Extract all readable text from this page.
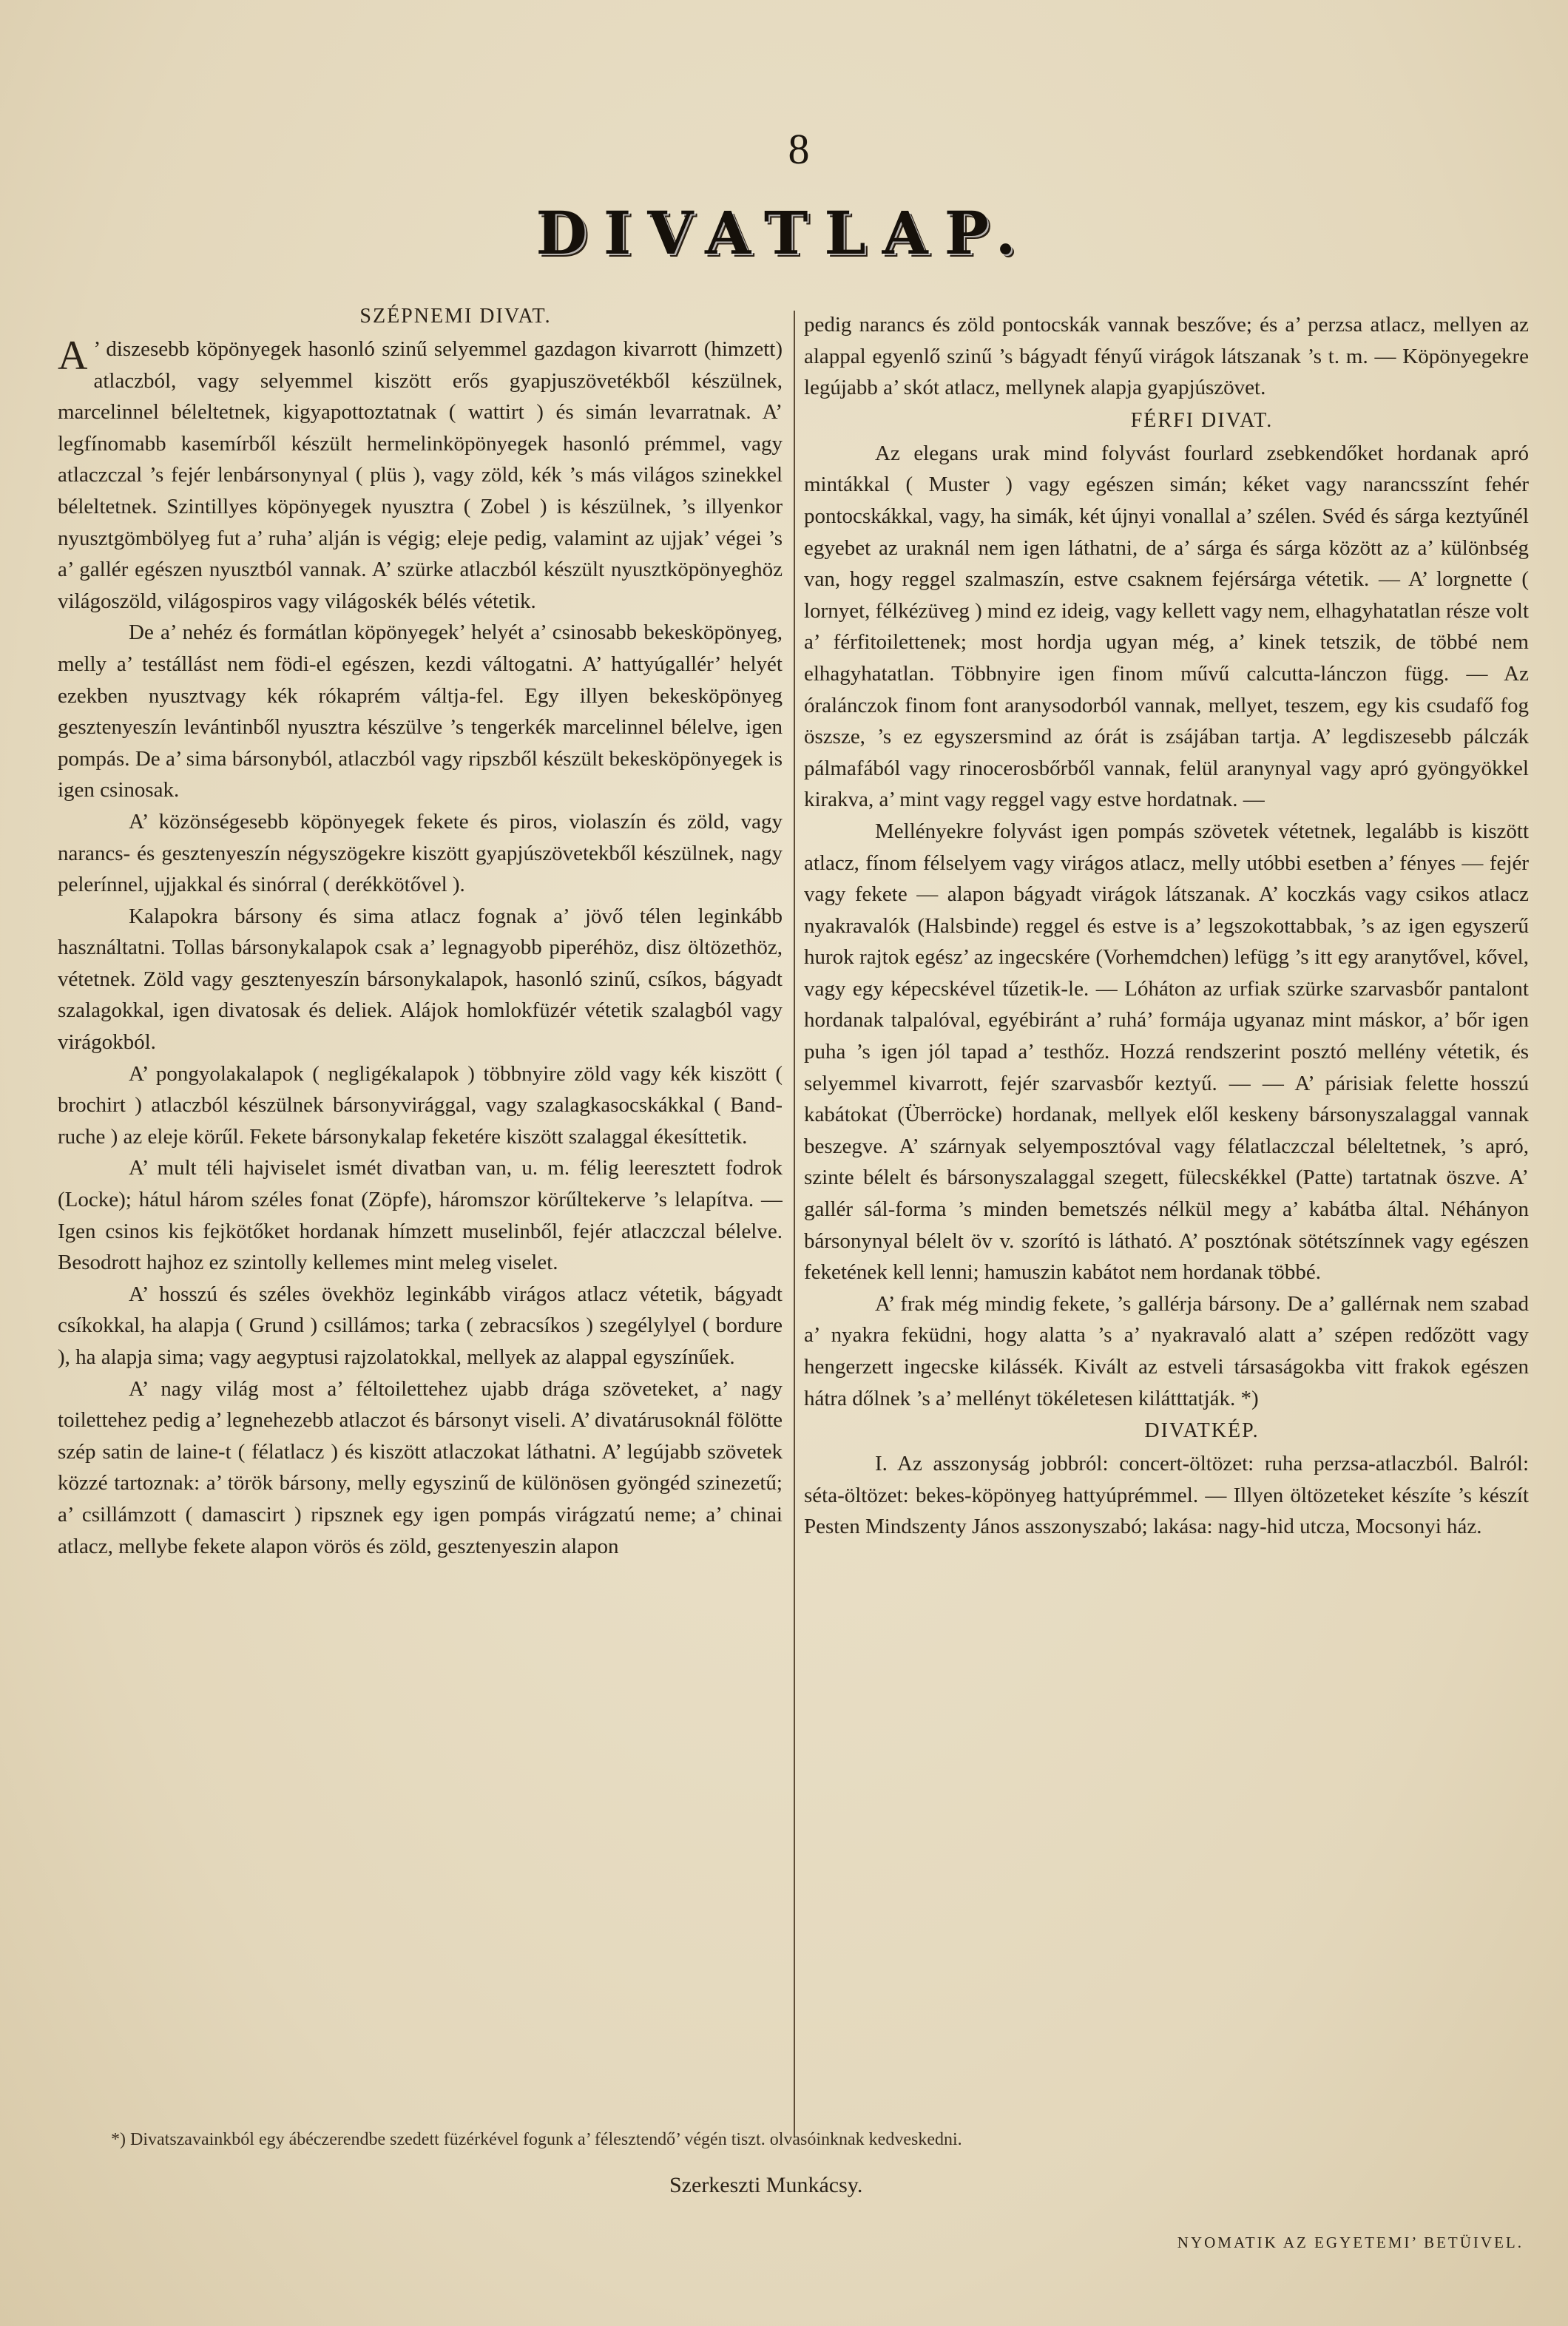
8
DIVATLAP.

SZÉPNEMI DIVAT.

A ’ diszesebb köpönyegek hasonló szinű selyemmel gazdagon kivarrott (himzett) atlaczból, vagy selyemmel kiszött erős gyapjuszövetékből készülnek, marcelinnel béleltetnek, kigyapottoztatnak ( wattirt ) és simán levarratnak. A’ legfínomabb kasemírből készült hermelinköpönyegek hasonló prémmel, vagy atlaczczal ’s fejér lenbársonynyal ( plüs ), vagy zöld, kék ’s más világos szinekkel béleltetnek. Szintillyes köpönyegek nyusztra ( Zobel ) is készülnek, ’s illyenkor nyusztgömbölyeg fut a’ ruha’ alján is végig; eleje pedig, valamint az ujjak’ végei ’s a’ gallér egészen nyusztból vannak. A’ szürke atlaczból készült nyusztköpönyeghöz világoszöld, világospiros vagy világoskék bélés vétetik.

De a’ nehéz és formátlan köpönyegek’ helyét a’ csinosabb bekesköpönyeg, melly a’ testállást nem födi-el egészen, kezdi váltogatni. A’ hattyúgallér’ helyét ezekben nyusztvagy kék rókaprém váltja-fel. Egy illyen bekesköpönyeg gesztenyeszín levántinből nyusztra készülve ’s tengerkék marcelinnel bélelve, igen pompás. De a’ sima bársonyból, atlaczból vagy ripszből készült bekesköpönyegek is igen csinosak.

A’ közönségesebb köpönyegek fekete és piros, violaszín és zöld, vagy narancs- és gesztenyeszín négyszögekre kiszött gyapjúszövetekből készülnek, nagy pelerínnel, ujjakkal és sinórral ( derékkötővel ).

Kalapokra bársony és sima atlacz fognak a’ jövő télen leginkább használtatni. Tollas bársonykalapok csak a’ legnagyobb piperéhöz, disz öltözethöz, vétetnek. Zöld vagy gesztenyeszín bársonykalapok, hasonló szinű, csíkos, bágyadt szalagokkal, igen divatosak és deliek. Alájok homlokfüzér vétetik szalagból vagy virágokból.

A’ pongyolakalapok ( negligékalapok ) többnyire zöld vagy kék kiszött ( brochirt ) atlaczból készülnek bársonyvirággal, vagy szalagkasocskákkal ( Band-ruche ) az eleje körűl. Fekete bársonykalap feketére kiszött szalaggal ékesíttetik.

A’ mult téli hajviselet ismét divatban van, u. m. félig leeresztett fodrok (Locke); hátul három széles fonat (Zöpfe), háromszor körűltekerve ’s lelapítva. — Igen csinos kis fejkötőket hordanak hímzett muselinből, fejér atlaczczal bélelve. Besodrott hajhoz ez szintolly kellemes mint meleg viselet.

A’ hosszú és széles övekhöz leginkább virágos atlacz vétetik, bágyadt csíkokkal, ha alapja ( Grund ) csillámos; tarka ( zebracsíkos ) szegélylyel ( bordure ), ha alapja sima; vagy aegyptusi rajzolatokkal, mellyek az alappal egyszínűek.

A’ nagy világ most a’ féltoilettehez ujabb drága szöveteket, a’ nagy toilettehez pedig a’ legnehezebb atlaczot és bársonyt viseli. A’ divatárusoknál fölötte szép satin de laine-t ( félatlacz ) és kiszött atlaczokat láthatni. A’ legújabb szövetek közzé tartoznak: a’ török bársony, melly egyszinű de különösen gyöngéd szinezetű; a’ csillámzott ( damascirt ) ripsznek egy igen pompás virágzatú neme; a’ chinai atlacz, mellybe fekete alapon vörös és zöld, gesztenyeszin alapon

pedig narancs és zöld pontocskák vannak beszőve; és a’ perzsa atlacz, mellyen az alappal egyenlő szinű ’s bágyadt fényű virágok látszanak ’s t. m. — Köpönyegekre legújabb a’ skót atlacz, mellynek alapja gyapjúszövet.

FÉRFI DIVAT.

Az elegans urak mind folyvást fourlard zsebkendőket hordanak apró mintákkal ( Muster ) vagy egészen simán; kéket vagy narancsszínt fehér pontocskákkal, vagy, ha simák, két újnyi vonallal a’ szélen. Svéd és sárga keztyűnél egyebet az uraknál nem igen láthatni, de a’ sárga és sárga között az a’ különbség van, hogy reggel szalmaszín, estve csaknem fejérsárga vétetik. — A’ lorgnette ( lornyet, félkézüveg ) mind ez ideig, vagy kellett vagy nem, elhagyhatatlan része volt a’ férfitoilettenek; most hordja ugyan még, a’ kinek tetszik, de többé nem elhagyhatatlan. Többnyire igen finom művű calcutta-lánczon függ. — Az óralánczok finom font aranysodorból vannak, mellyet, teszem, egy kis csudafő fog öszsze, ’s ez egyszersmind az órát is zsájában tartja. A’ legdiszesebb pálczák pálmafából vagy rinocerosbőrből vannak, felül aranynyal vagy apró gyöngyökkel kirakva, a’ mint vagy reggel vagy estve hordatnak. —

Mellényekre folyvást igen pompás szövetek vétetnek, legalább is kiszött atlacz, fínom félselyem vagy virágos atlacz, melly utóbbi esetben a’ fényes — fejér vagy fekete — alapon bágyadt virágok látszanak. A’ koczkás vagy csikos atlacz nyakravalók (Halsbinde) reggel és estve is a’ legszokottabbak, ’s az igen egyszerű hurok rajtok egész’ az ingecskére (Vorhemdchen) lefügg ’s itt egy aranytővel, kővel, vagy egy képecskével tűzetik-le. — Lóháton az urfiak szürke szarvasbőr pantalont hordanak talpalóval, egyébiránt a’ ruhá’ formája ugyanaz mint máskor, a’ bőr igen puha ’s igen jól tapad a’ testhőz. Hozzá rendszerint posztó mellény vétetik, és selyemmel kivarrott, fejér szarvasbőr keztyű. — — A’ párisiak felette hosszú kabátokat (Überröcke) hordanak, mellyek elől keskeny bársonyszalaggal vannak beszegve. A’ szárnyak selyemposztóval vagy félatlaczczal béleltetnek, ’s apró, szinte bélelt és bársonyszalaggal szegett, fülecskékkel (Patte) tartatnak öszve. A’ gallér sál-forma ’s minden bemetszés nélkül megy a’ kabátba által. Néhányon bársonynyal bélelt öv v. szorító is látható. A’ posztónak sötétszínnek vagy egészen feketének kell lenni; hamuszin kabátot nem hordanak többé.

A’ frak még mindig fekete, ’s gallérja bársony. De a’ gallérnak nem szabad a’ nyakra feküdni, hogy alatta ’s a’ nyakravaló alatt a’ szépen redőzött vagy hengerzett ingecske kilássék. Kivált az estveli társaságokba vitt frakok egészen hátra dőlnek ’s a’ mellényt tökéletesen kilátttatják. *)

DIVATKÉP.

I. Az asszonyság jobbról: concert-öltözet: ruha perzsa-atlaczból. Balról: séta-öltözet: bekes-köpönyeg hattyúprémmel. — Illyen öltözeteket készíte ’s készít Pesten Mindszenty János asszonyszabó; lakása: nagy-hid utcza, Mocsonyi ház.

*) Divatszavainkból egy ábéczerendbe szedett füzérkével fogunk a’ félesztendő’ végén tiszt. olvasóinknak kedveskedni.
Szerkeszti Munkácsy.
NYOMATIK AZ EGYETEMI’ BETÜIVEL.
